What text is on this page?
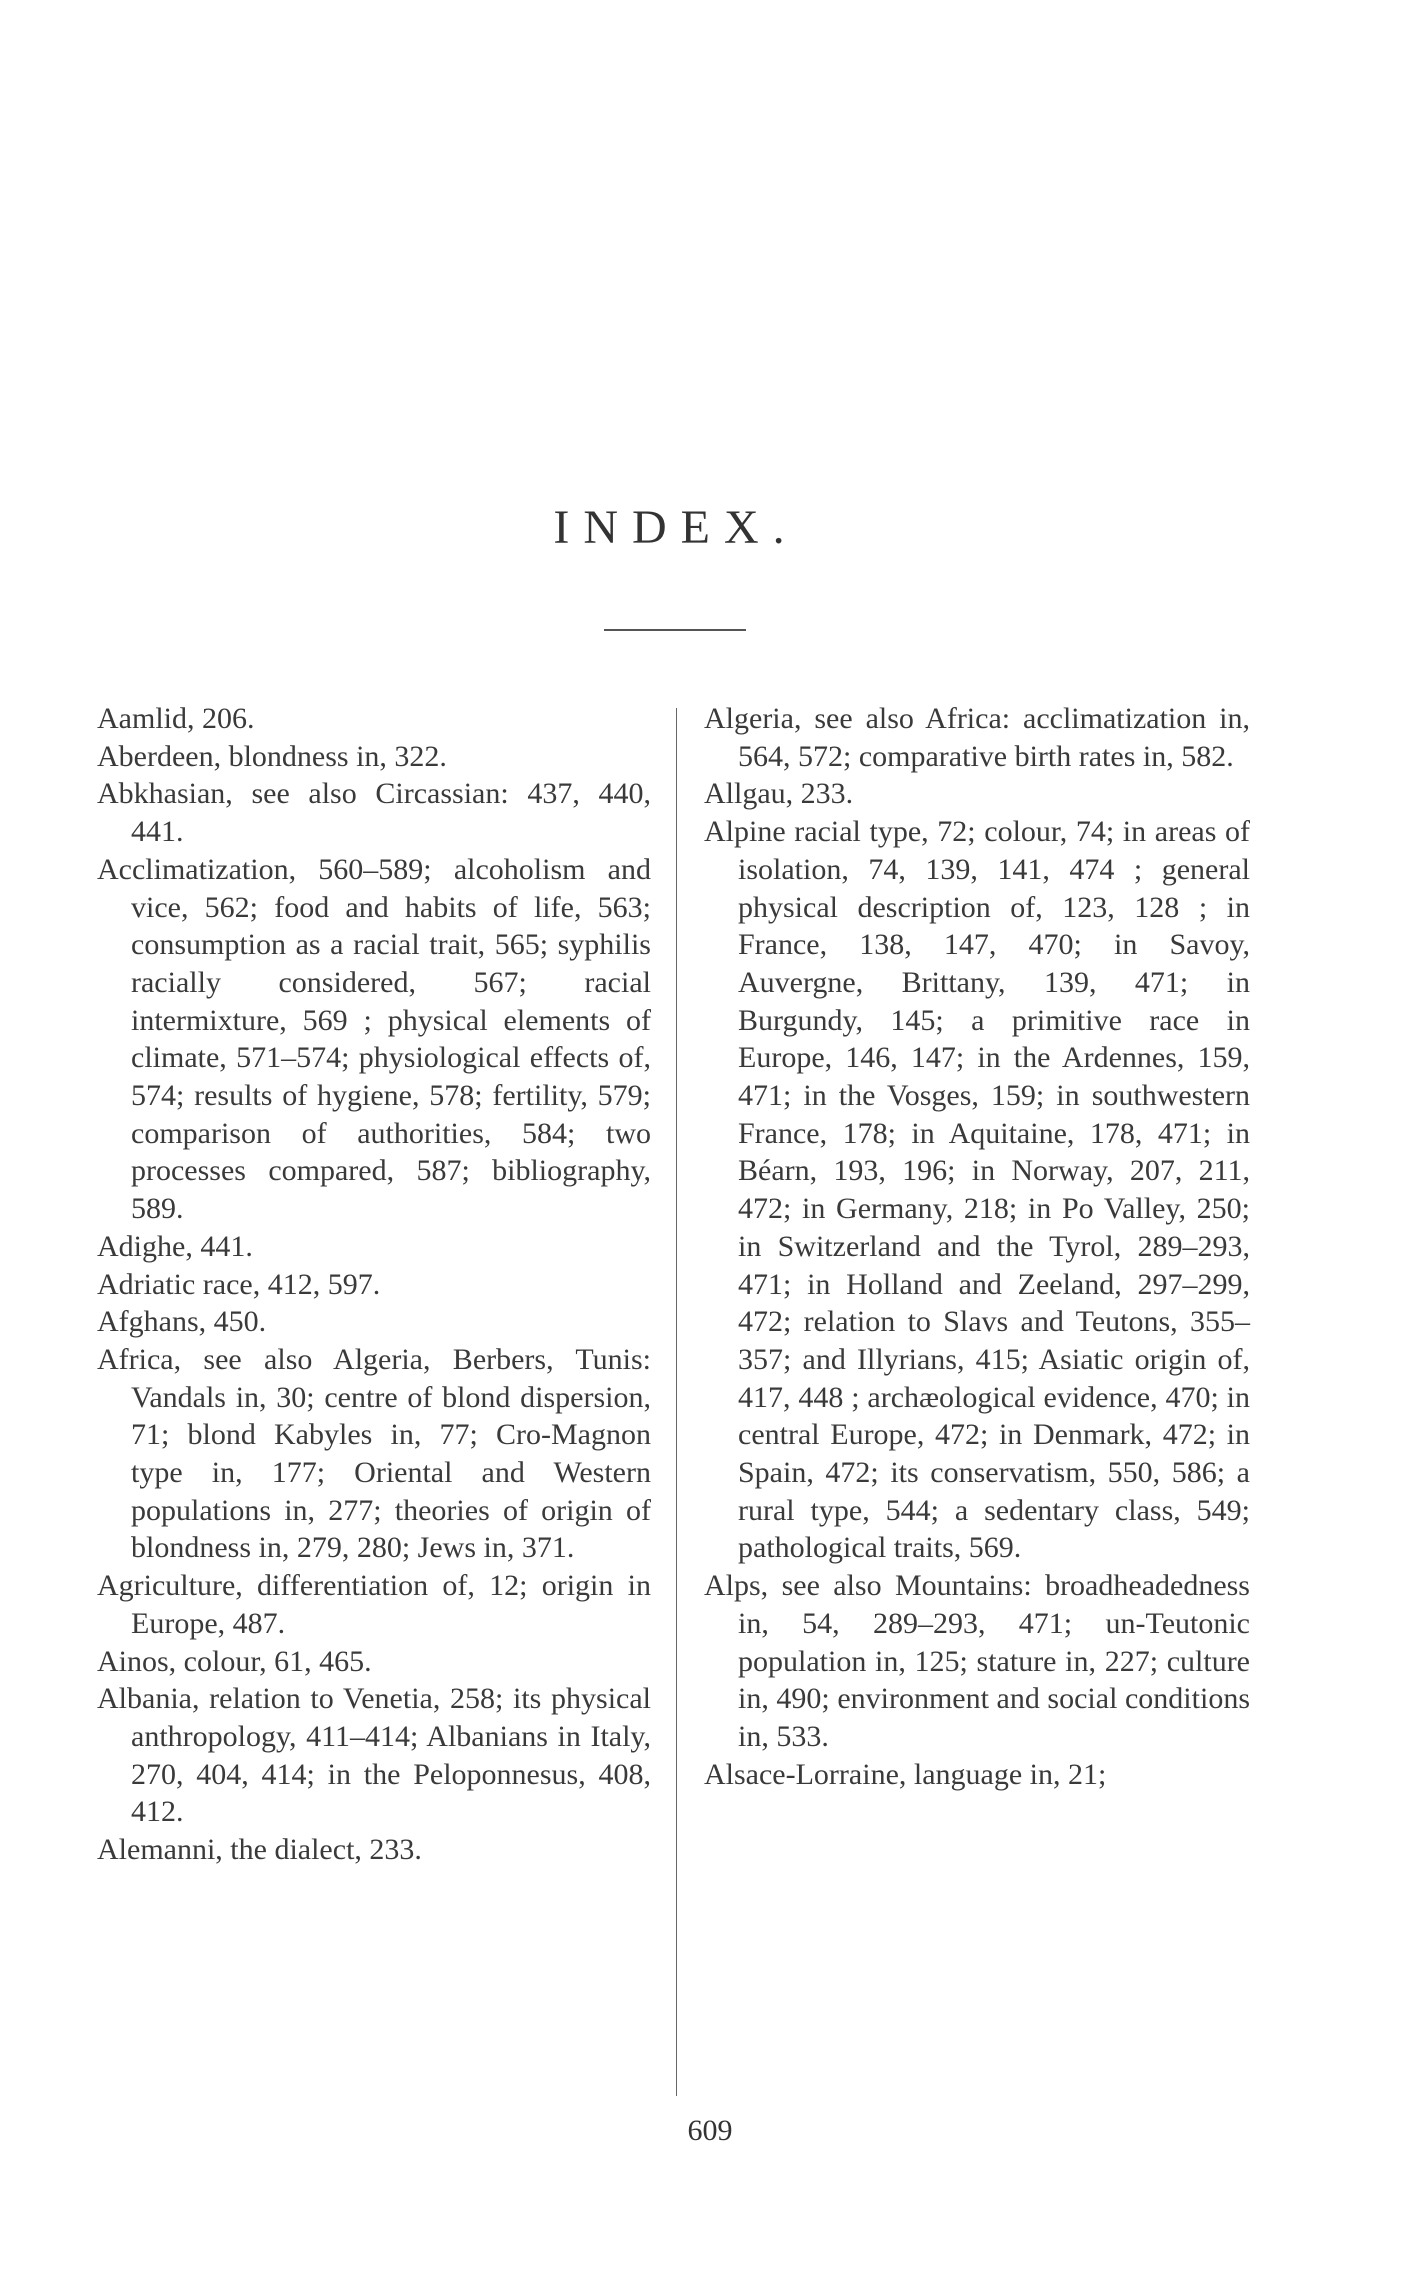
INDEX.

Aamlid, 206.

Aberdeen, blondness in, 322.

Abkhasian, see also Circassian: 437, 440, 441.

Acclimatization, 560–589; alcoholism and vice, 562; food and habits of life, 563; consumption as a racial trait, 565; syphilis racially considered, 567; racial intermixture, 569 ; physical elements of climate, 571–574; physiological effects of, 574; results of hygiene, 578; fertility, 579; comparison of authorities, 584; two processes compared, 587; bibliography, 589.

Adighe, 441.

Adriatic race, 412, 597.

Afghans, 450.

Africa, see also Algeria, Berbers, Tunis: Vandals in, 30; centre of blond dispersion, 71; blond Kabyles in, 77; Cro-Magnon type in, 177; Oriental and Western populations in, 277; theories of origin of blondness in, 279, 280; Jews in, 371.

Agriculture, differentiation of, 12; origin in Europe, 487.

Ainos, colour, 61, 465.

Albania, relation to Venetia, 258; its physical anthropology, 411–414; Albanians in Italy, 270, 404, 414; in the Peloponnesus, 408, 412.

Alemanni, the dialect, 233.

Algeria, see also Africa: acclimatization in, 564, 572; comparative birth rates in, 582.

Allgau, 233.

Alpine racial type, 72; colour, 74; in areas of isolation, 74, 139, 141, 474 ; general physical description of, 123, 128 ; in France, 138, 147, 470; in Savoy, Auvergne, Brittany, 139, 471; in Burgundy, 145; a primitive race in Europe, 146, 147; in the Ardennes, 159, 471; in the Vosges, 159; in southwestern France, 178; in Aquitaine, 178, 471; in Béarn, 193, 196; in Norway, 207, 211, 472; in Germany, 218; in Po Valley, 250; in Switzerland and the Tyrol, 289–293, 471; in Holland and Zeeland, 297–299, 472; relation to Slavs and Teutons, 355–357; and Illyrians, 415; Asiatic origin of, 417, 448 ; archæological evidence, 470; in central Europe, 472; in Denmark, 472; in Spain, 472; its conservatism, 550, 586; a rural type, 544; a sedentary class, 549; pathological traits, 569.

Alps, see also Mountains: broadheadedness in, 54, 289–293, 471; un-Teutonic population in, 125; stature in, 227; culture in, 490; environment and social conditions in, 533.

Alsace-Lorraine, language in, 21;

609
